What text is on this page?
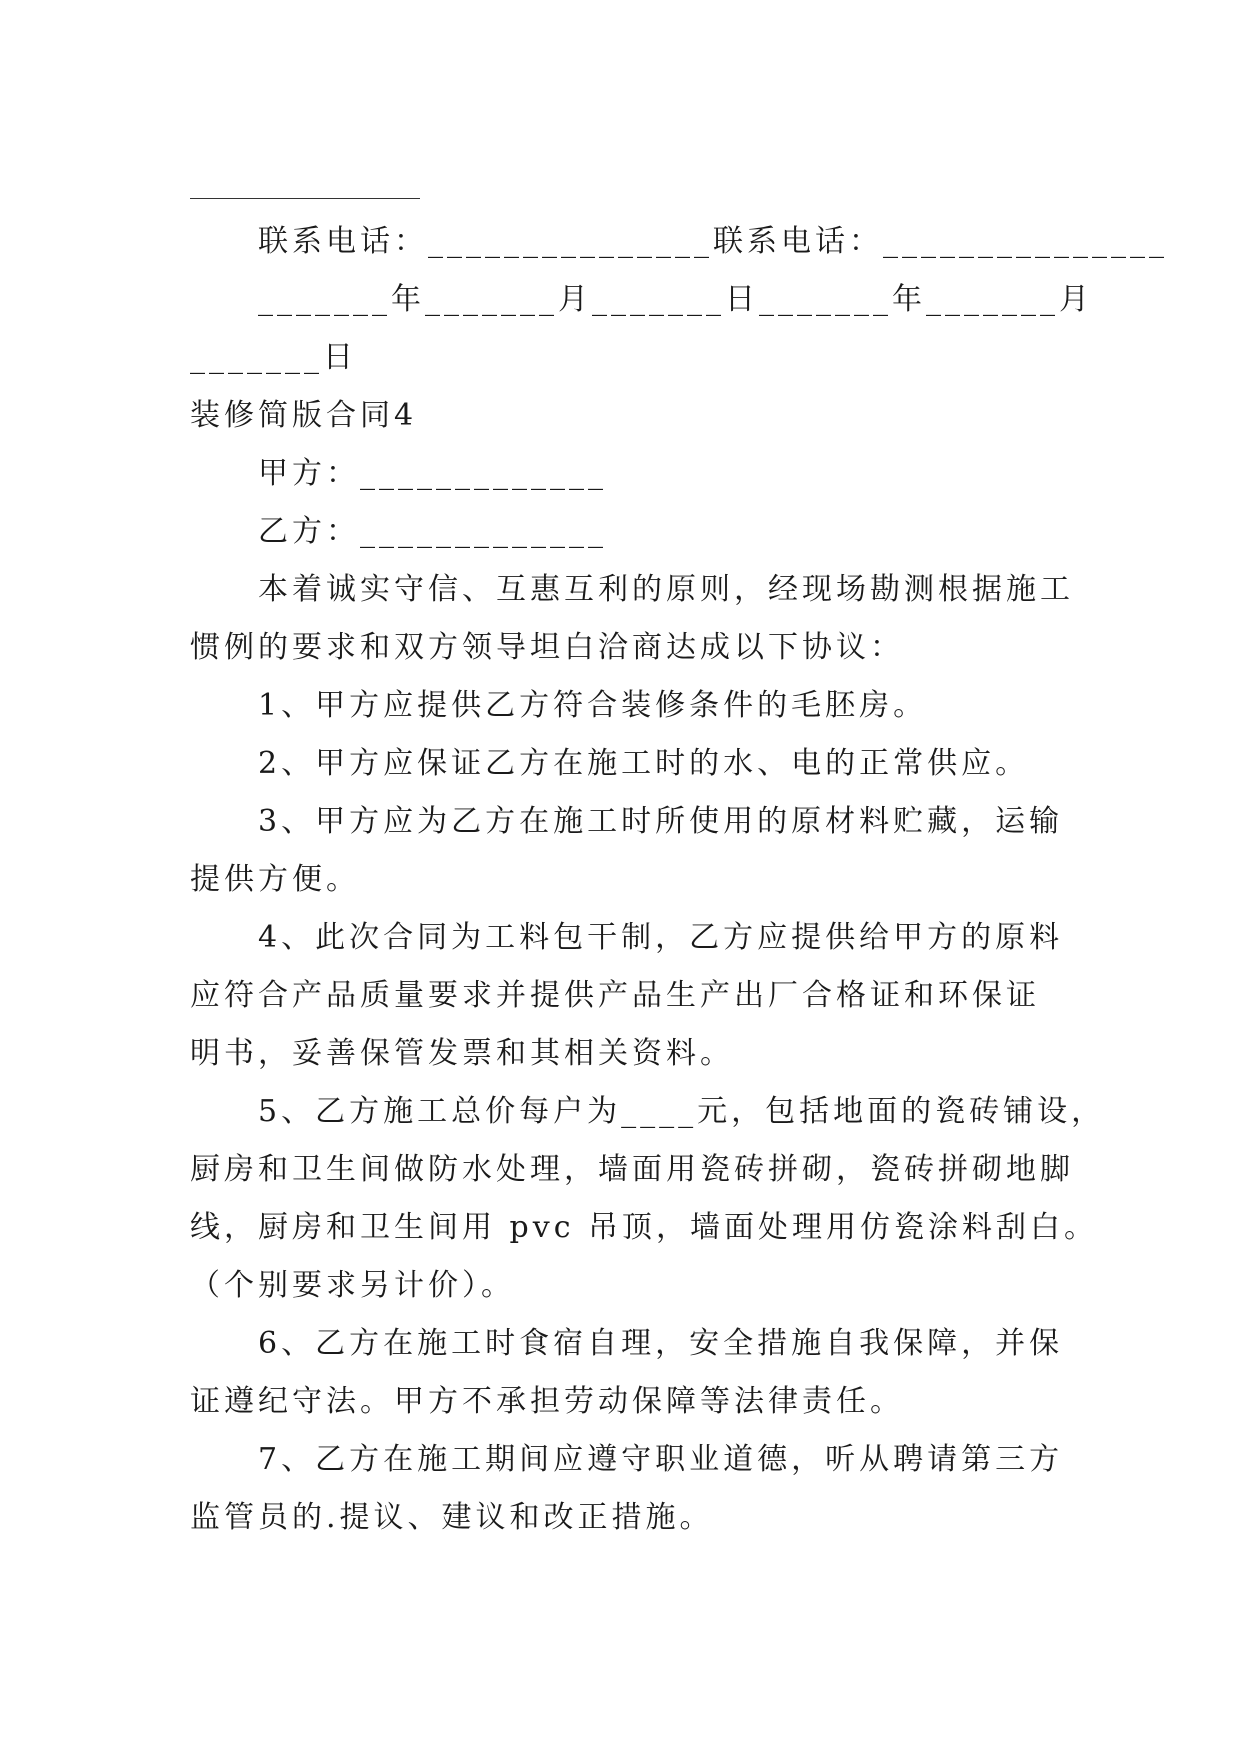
联系电话：_______________联系电话：_______________
_______年_______月_______日_______年_______月
_______日
装修简版合同4
甲方：_____________
乙方：_____________
本着诚实守信、互惠互利的原则，经现场勘测根据施工
惯例的要求和双方领导坦白洽商达成以下协议：
1、甲方应提供乙方符合装修条件的毛胚房。
2、甲方应保证乙方在施工时的水、电的正常供应。
3、甲方应为乙方在施工时所使用的原材料贮藏，运输
提供方便。
4、此次合同为工料包干制，乙方应提供给甲方的原料
应符合产品质量要求并提供产品生产出厂合格证和环保证
明书，妥善保管发票和其相关资料。
5、乙方施工总价每户为____元，包括地面的瓷砖铺设，
厨房和卫生间做防水处理，墙面用瓷砖拼砌，瓷砖拼砌地脚
线，厨房和卫生间用 pvc 吊顶，墙面处理用仿瓷涂料刮白。
（个别要求另计价）。
6、乙方在施工时食宿自理，安全措施自我保障，并保
证遵纪守法。甲方不承担劳动保障等法律责任。
7、乙方在施工期间应遵守职业道德，听从聘请第三方
监管员的.提议、建议和改正措施。
